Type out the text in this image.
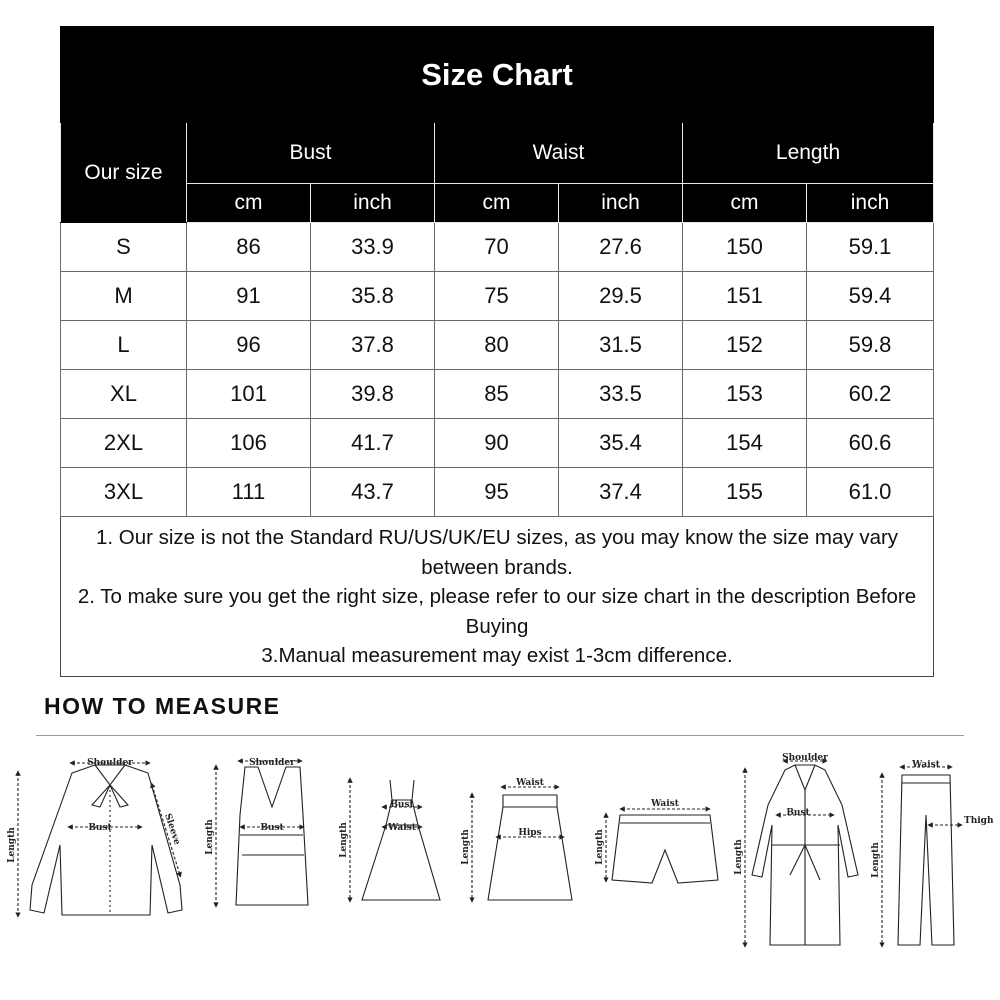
Size Chart						
Our size	Bust		Waist		Length	
	cm	inch	cm	inch	cm	inch
S	86	33.9	70	27.6	150	59.1
M	91	35.8	75	29.5	151	59.4
L	96	37.8	80	31.5	152	59.8
XL	101	39.8	85	33.5	153	60.2
2XL	106	41.7	90	35.4	154	60.6
3XL	111	43.7	95	37.4	155	61.0

1. Our size is not the Standard RU/US/UK/EU sizes, as you may know the size may vary between brands.

2. To make sure you get the right size, please refer to our size chart in the description Before Buying

3.Manual measurement may exist 1-3cm difference.						

HOW TO MEASURE
Shoulder
Bust
Length	Sleeve
Shoulder
Bust
Length
Bust
Waist
Length
Waist
Hips
Length
Waist
Length
Shoulder
Bust
Length
Waist
Thigh
Length
